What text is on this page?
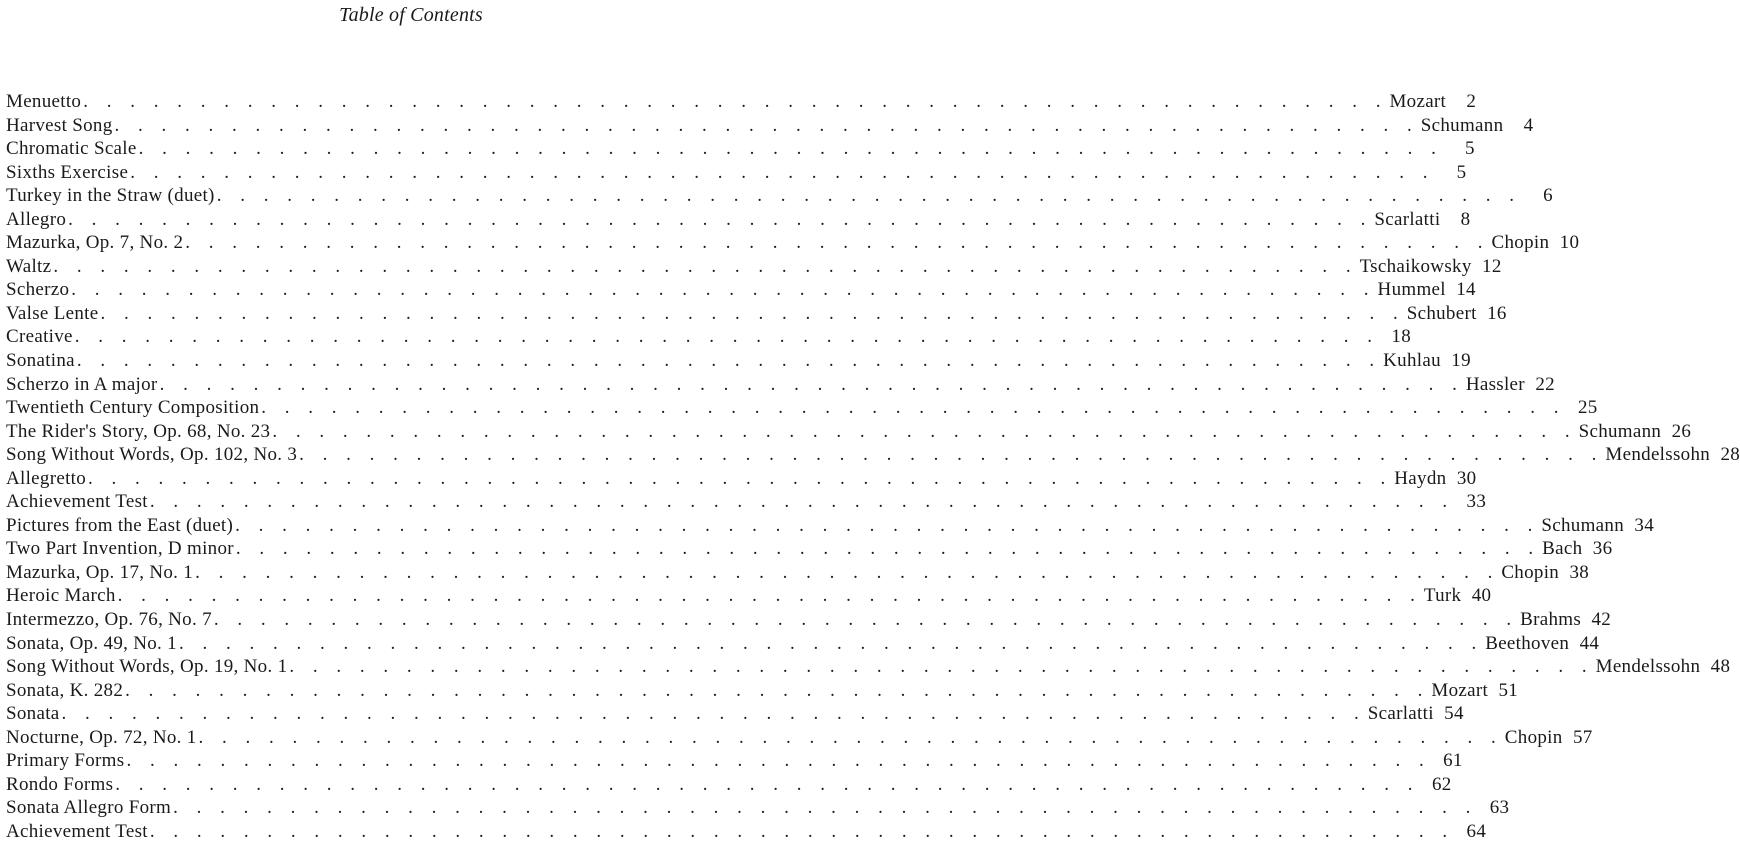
Table of Contents
Menuetto . . . . . . . . . . . . . . . . . . . . . . . . . . . . . . . . . . . . . . . . . . . . . . . . . . . . . . . . Mozart	2
Harvest Song . . . . . . . . . . . . . . . . . . . . . . . . . . . . . . . . . . . . . . . . . . . . . . . . . . . . . . . . Schumann	4
Chromatic Scale . . . . . . . . . . . . . . . . . . . . . . . . . . . . . . . . . . . . . . . . . . . . . . . . . . . . . . . .	5
Sixths Exercise . . . . . . . . . . . . . . . . . . . . . . . . . . . . . . . . . . . . . . . . . . . . . . . . . . . . . . . .	5
Turkey in the Straw (duet) . . . . . . . . . . . . . . . . . . . . . . . . . . . . . . . . . . . . . . . . . . . . . . . . . . . . . . . .	6
Allegro . . . . . . . . . . . . . . . . . . . . . . . . . . . . . . . . . . . . . . . . . . . . . . . . . . . . . . . . Scarlatti	8
Mazurka, Op. 7, No. 2 . . . . . . . . . . . . . . . . . . . . . . . . . . . . . . . . . . . . . . . . . . . . . . . . . . . . . . . . Chopin 10
Waltz . . . . . . . . . . . . . . . . . . . . . . . . . . . . . . . . . . . . . . . . . . . . . . . . . . . . . . . . Tschaikowsky 12
Scherzo . . . . . . . . . . . . . . . . . . . . . . . . . . . . . . . . . . . . . . . . . . . . . . . . . . . . . . . . Hummel 14
Valse Lente . . . . . . . . . . . . . . . . . . . . . . . . . . . . . . . . . . . . . . . . . . . . . . . . . . . . . . . . Schubert 16
Creative . . . . . . . . . . . . . . . . . . . . . . . . . . . . . . . . . . . . . . . . . . . . . . . . . . . . . . . . 18
Sonatina . . . . . . . . . . . . . . . . . . . . . . . . . . . . . . . . . . . . . . . . . . . . . . . . . . . . . . . . Kuhlau 19
Scherzo in A major . . . . . . . . . . . . . . . . . . . . . . . . . . . . . . . . . . . . . . . . . . . . . . . . . . . . . . . . Hassler 22
Twentieth Century Composition . . . . . . . . . . . . . . . . . . . . . . . . . . . . . . . . . . . . . . . . . . . . . . . . . . . . . . . . 25
The Rider's Story, Op. 68, No. 23 . . . . . . . . . . . . . . . . . . . . . . . . . . . . . . . . . . . . . . . . . . . . . . . . . . . . . . . . Schumann 26
Song Without Words, Op. 102, No. 3 . . . . . . . . . . . . . . . . . . . . . . . . . . . . . . . . . . . . . . . . . . . . . . . . . . . . . . . . Mendelssohn 28
Allegretto . . . . . . . . . . . . . . . . . . . . . . . . . . . . . . . . . . . . . . . . . . . . . . . . . . . . . . . . Haydn 30
Achievement Test . . . . . . . . . . . . . . . . . . . . . . . . . . . . . . . . . . . . . . . . . . . . . . . . . . . . . . . . 33
Pictures from the East (duet) . . . . . . . . . . . . . . . . . . . . . . . . . . . . . . . . . . . . . . . . . . . . . . . . . . . . . . . . Schumann 34
Two Part Invention, D minor . . . . . . . . . . . . . . . . . . . . . . . . . . . . . . . . . . . . . . . . . . . . . . . . . . . . . . . . Bach 36
Mazurka, Op. 17, No. 1 . . . . . . . . . . . . . . . . . . . . . . . . . . . . . . . . . . . . . . . . . . . . . . . . . . . . . . . . Chopin 38
Heroic March . . . . . . . . . . . . . . . . . . . . . . . . . . . . . . . . . . . . . . . . . . . . . . . . . . . . . . . . Turk 40
Intermezzo, Op. 76, No. 7 . . . . . . . . . . . . . . . . . . . . . . . . . . . . . . . . . . . . . . . . . . . . . . . . . . . . . . . . Brahms 42
Sonata, Op. 49, No. 1 . . . . . . . . . . . . . . . . . . . . . . . . . . . . . . . . . . . . . . . . . . . . . . . . . . . . . . . . Beethoven 44
Song Without Words, Op. 19, No. 1 . . . . . . . . . . . . . . . . . . . . . . . . . . . . . . . . . . . . . . . . . . . . . . . . . . . . . . . . Mendelssohn 48
Sonata, K. 282 . . . . . . . . . . . . . . . . . . . . . . . . . . . . . . . . . . . . . . . . . . . . . . . . . . . . . . . . Mozart 51
Sonata . . . . . . . . . . . . . . . . . . . . . . . . . . . . . . . . . . . . . . . . . . . . . . . . . . . . . . . . Scarlatti 54
Nocturne, Op. 72, No. 1 . . . . . . . . . . . . . . . . . . . . . . . . . . . . . . . . . . . . . . . . . . . . . . . . . . . . . . . . Chopin 57
Primary Forms . . . . . . . . . . . . . . . . . . . . . . . . . . . . . . . . . . . . . . . . . . . . . . . . . . . . . . . . 61
Rondo Forms . . . . . . . . . . . . . . . . . . . . . . . . . . . . . . . . . . . . . . . . . . . . . . . . . . . . . . . . 62
Sonata Allegro Form . . . . . . . . . . . . . . . . . . . . . . . . . . . . . . . . . . . . . . . . . . . . . . . . . . . . . . . . 63
Achievement Test . . . . . . . . . . . . . . . . . . . . . . . . . . . . . . . . . . . . . . . . . . . . . . . . . . . . . . . . 64
